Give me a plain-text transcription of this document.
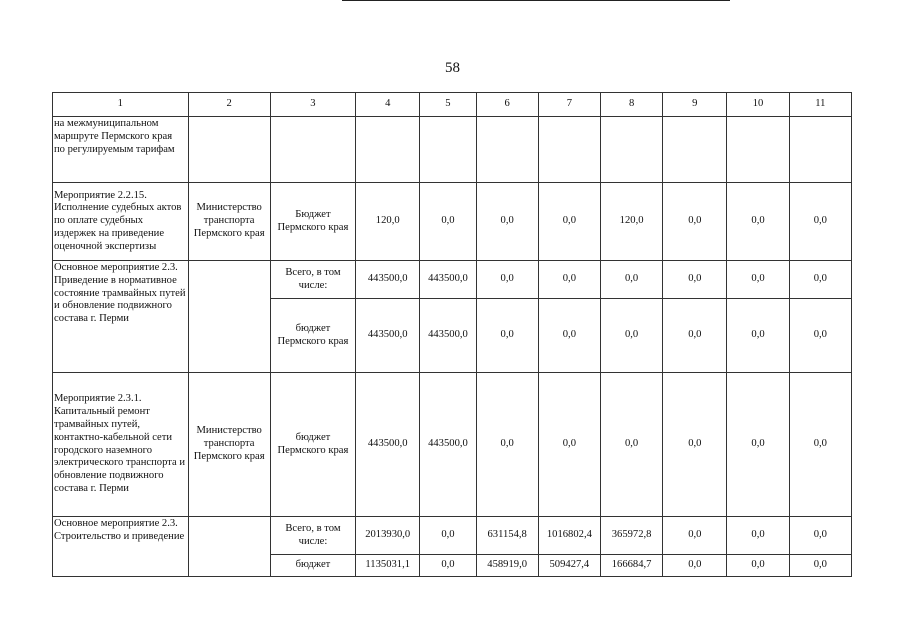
58
1	2	3	4	5	6	7	8	9	10	11
на межмуниципальном маршруте Пермского края по регулируемым тарифам										
Мероприятие 2.2.15. Исполнение судебных актов по оплате судебных издержек на приведение оценочной экспертизы	Министерство транспорта Пермского края	Бюджет Пермского края	120,0	0,0	0,0	0,0	120,0	0,0	0,0	0,0
Основное мероприятие 2.3. Приведение в нормативное состояние трамвайных путей и обновление подвижного состава г. Перми		Всего, в том числе:	443500,0	443500,0	0,0	0,0	0,0	0,0	0,0	0,0
		бюджет Пермского края	443500,0	443500,0	0,0	0,0	0,0	0,0	0,0	0,0
Мероприятие 2.3.1. Капитальный ремонт трамвайных путей, контактно-кабельной сети городского наземного электрического транспорта и обновление подвижного состава г. Перми	Министерство транспорта Пермского края	бюджет Пермского края	443500,0	443500,0	0,0	0,0	0,0	0,0	0,0	0,0
Основное мероприятие 2.3. Строительство и приведение		Всего, в том числе:	2013930,0	0,0	631154,8	1016802,4	365972,8	0,0	0,0	0,0
		бюджет	1135031,1	0,0	458919,0	509427,4	166684,7	0,0	0,0	0,0
